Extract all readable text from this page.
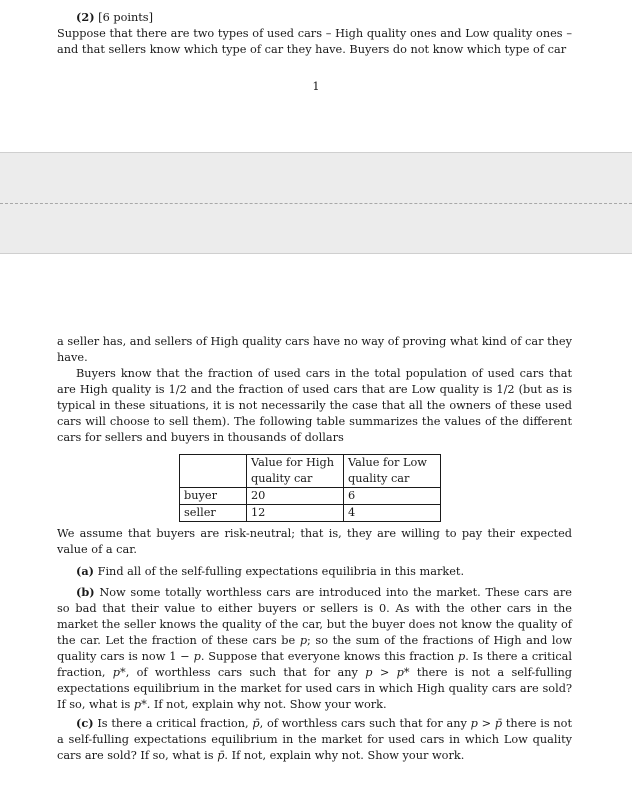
(2) [6 points]
Suppose that there are two types of used cars – High quality ones and Low quality ones – and that sellers know which type of car they have. Buyers do not know which type of car

1

a seller has, and sellers of High quality cars have no way of proving what kind of car they have.

Buyers know that the fraction of used cars in the total population of used cars that are High quality is 1/2 and the fraction of used cars that are Low quality is 1/2 (but as is typical in these situations, it is not necessarily the case that all the owners of these used cars will choose to sell them). The following table summarizes the values of the different cars for sellers and buyers in thousands of dollars

	Value for High quality car	Value for Low quality car
buyer	20	6
seller	12	4

We assume that buyers are risk-neutral; that is, they are willing to pay their expected value of a car.

(a) Find all of the self-fulling expectations equilibria in this market.

(b) Now some totally worthless cars are introduced into the market. These cars are so bad that their value to either buyers or sellers is 0. As with the other cars in the market the seller knows the quality of the car, but the buyer does not know the quality of the car. Let the fraction of these cars be p; so the sum of the fractions of High and low quality cars is now 1 − p. Suppose that everyone knows this fraction p. Is there a critical fraction, p*, of worthless cars such that for any p > p* there is not a self-fulling expectations equilibrium in the market for used cars in which High quality cars are sold? If so, what is p*. If not, explain why not. Show your work.

(c) Is there a critical fraction, p̄, of worthless cars such that for any p > p̄ there is not a self-fulling expectations equilibrium in the market for used cars in which Low quality cars are sold? If so, what is p̄. If not, explain why not. Show your work.
